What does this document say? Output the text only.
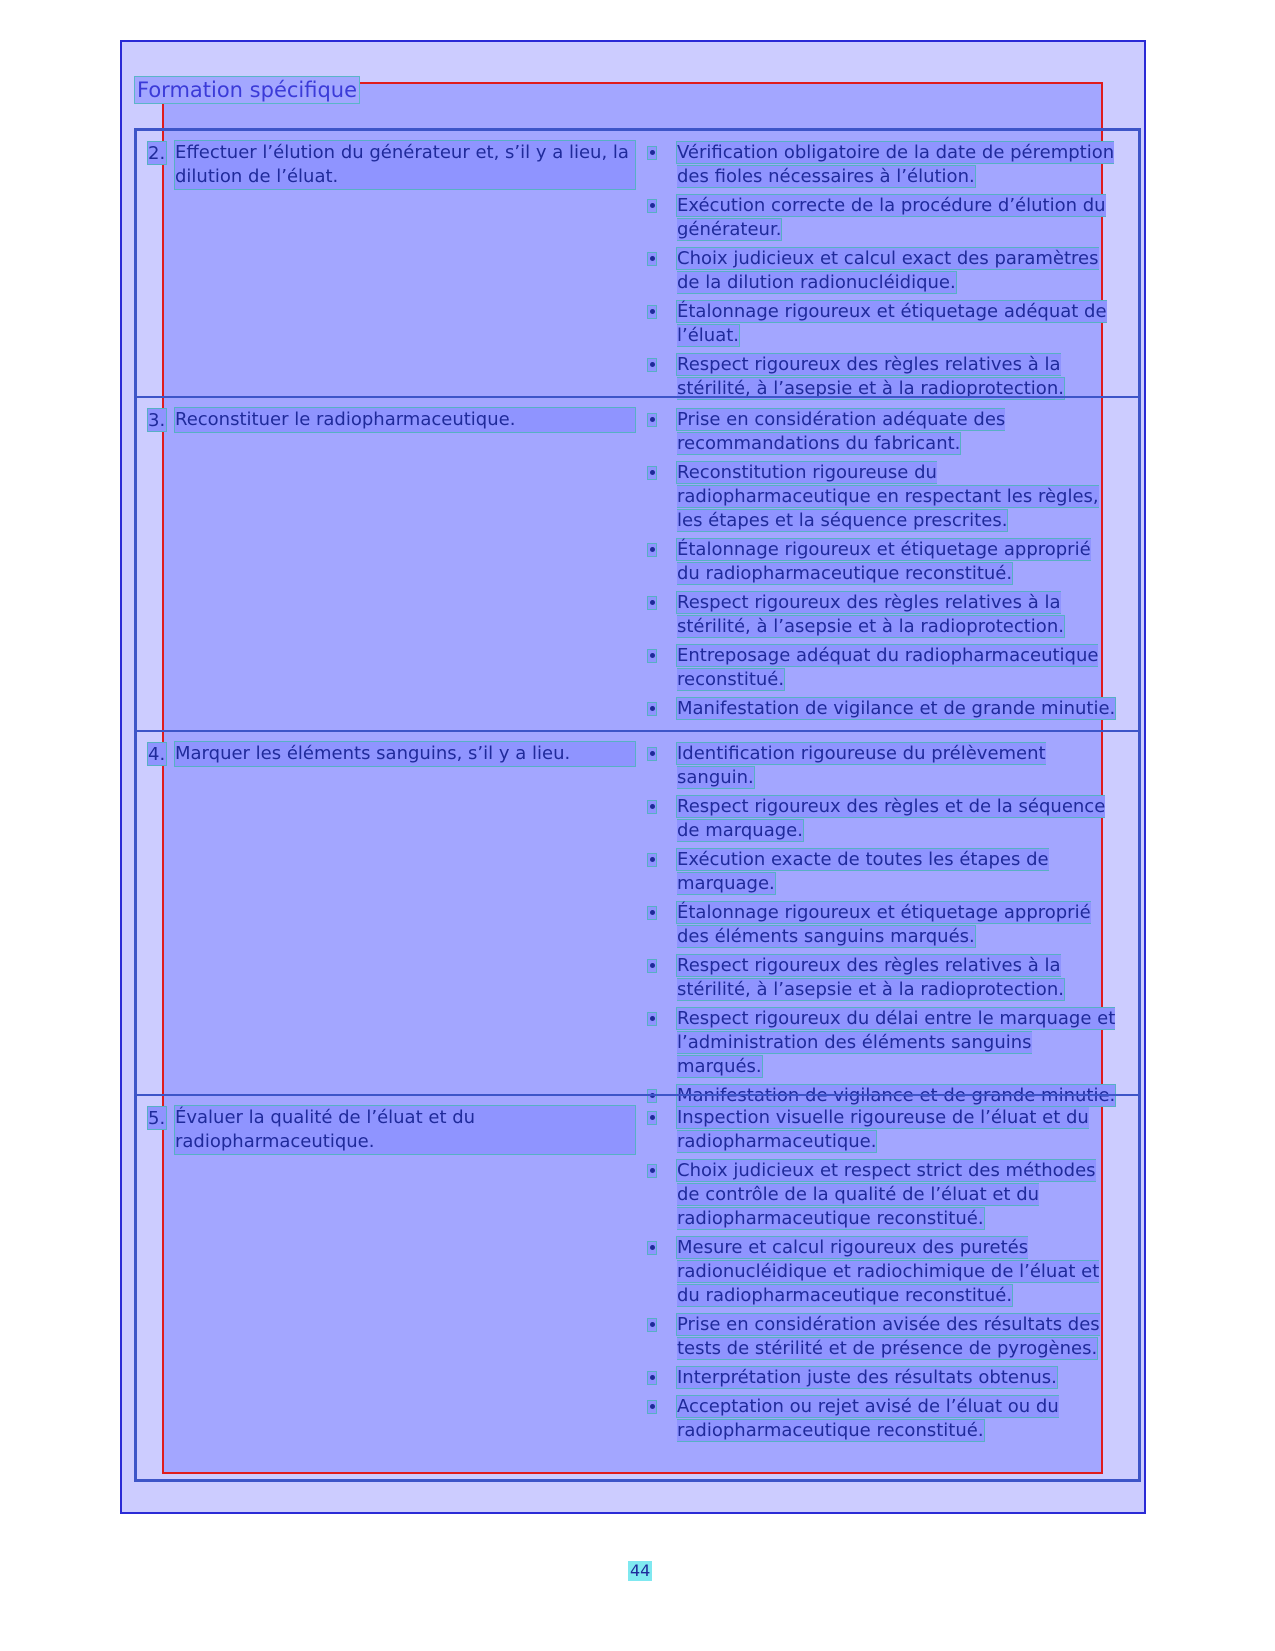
Formation spécifique
2. Effectuer l’élution du générateur et, s’il y a lieu, la dilution de l’éluat.
Vérification obligatoire de la date de péremption des fioles nécessaires à l’élution.
Exécution correcte de la procédure d’élution du générateur.
Choix judicieux et calcul exact des paramètres de la dilution radionucléidique.
Étalonnage rigoureux et étiquetage adéquat de l’éluat.
Respect rigoureux des règles relatives à la stérilité, à l’asepsie et à la radioprotection.
3. Reconstituer le radiopharmaceutique.	Prise en considération adéquate des recommandations du fabricant.
Reconstitution rigoureuse du radiopharmaceutique en respectant les règles, les étapes et la séquence prescrites.
Étalonnage rigoureux et étiquetage approprié du radiopharmaceutique reconstitué.
Respect rigoureux des règles relatives à la stérilité, à l’asepsie et à la radioprotection.
Entreposage adéquat du radiopharmaceutique reconstitué.
Manifestation de vigilance et de grande minutie.
4. Marquer les éléments sanguins, s’il y a lieu.	Identification rigoureuse du prélèvement sanguin.
Respect rigoureux des règles et de la séquence de marquage.
Exécution exacte de toutes les étapes de marquage.
Étalonnage rigoureux et étiquetage approprié des éléments sanguins marqués.
Respect rigoureux des règles relatives à la stérilité, à l’asepsie et à la radioprotection.
Respect rigoureux du délai entre le marquage et l’administration des éléments sanguins marqués.
Manifestation de vigilance et de grande minutie.
5. Évaluer la qualité de l’éluat et du radiopharmaceutique.
Inspection visuelle rigoureuse de l’éluat et du radiopharmaceutique.
Choix judicieux et respect strict des méthodes de contrôle de la qualité de l’éluat et du radiopharmaceutique reconstitué.
Mesure et calcul rigoureux des puretés radionucléidique et radiochimique de l’éluat et du radiopharmaceutique reconstitué.
Prise en considération avisée des résultats des tests de stérilité et de présence de pyrogènes.
Interprétation juste des résultats obtenus.
Acceptation ou rejet avisé de l’éluat ou du radiopharmaceutique reconstitué.
44
